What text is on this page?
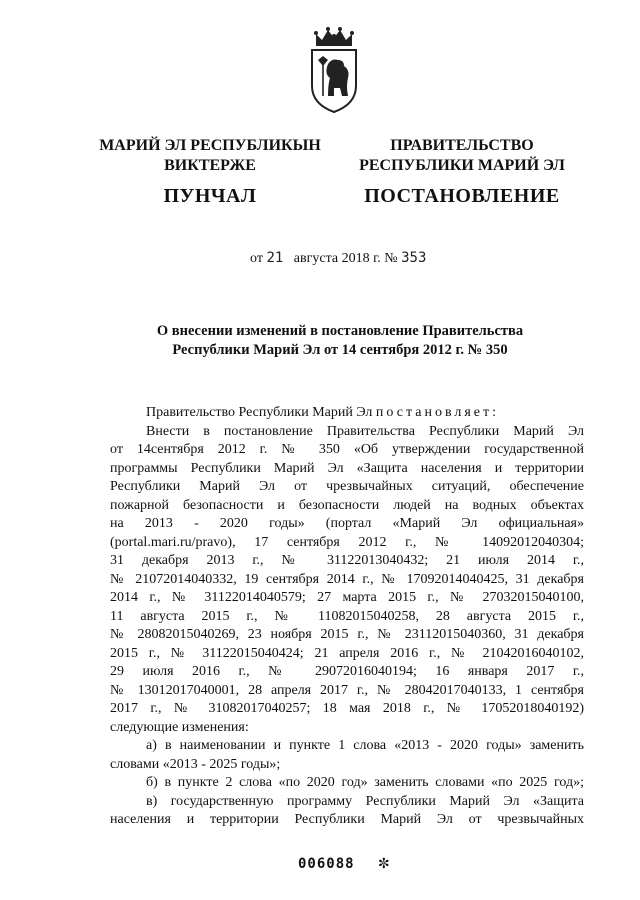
МАРИЙ ЭЛ РЕСПУБЛИКЫН
ВИКТЕРЖЕ
ПУНЧАЛ
ПРАВИТЕЛЬСТВО
РЕСПУБЛИКИ МАРИЙ ЭЛ
ПОСТАНОВЛЕНИЕ
от 21 августа 2018 г. № 353
О внесении изменений в постановление Правительства
Республики Марий Эл от 14 сентября 2012 г. № 350

Правительство Республики Марий Эл постановляет:

Внести в постановление Правительства Республики Марий Эл

от 14сентября 2012 г. № 350 «Об утверждении государственной

программы Республики Марий Эл «Защита населения и территории

Республики Марий Эл от чрезвычайных ситуаций, обеспечение

пожарной безопасности и безопасности людей на водных объектах

на 2013 - 2020 годы» (портал «Марий Эл официальная»

(portal.mari.ru/pravo), 17 сентября 2012 г., № 14092012040304;

31 декабря 2013 г., № 31122013040432; 21 июля 2014 г.,

№ 21072014040332, 19 сентября 2014 г., № 17092014040425, 31 декабря

2014 г., № 31122014040579; 27 марта 2015 г., № 27032015040100,

11 августа 2015 г., № 11082015040258, 28 августа 2015 г.,

№ 28082015040269, 23 ноября 2015 г., № 23112015040360, 31 декабря

2015 г., № 31122015040424; 21 апреля 2016 г., № 21042016040102,

29 июля 2016 г., № 29072016040194; 16 января 2017 г.,

№ 13012017040001, 28 апреля 2017 г., № 28042017040133, 1 сентября

2017 г., № 31082017040257; 18 мая 2018 г., № 17052018040192)

следующие изменения:

а) в наименовании и пункте 1 слова «2013 - 2020 годы» заменить

словами «2013 - 2025 годы»;

б) в пункте 2 слова «по 2020 год» заменить словами «по 2025 год»;

в) государственную программу Республики Марий Эл «Защита

населения и территории Республики Марий Эл от чрезвычайных

006088 ✼
